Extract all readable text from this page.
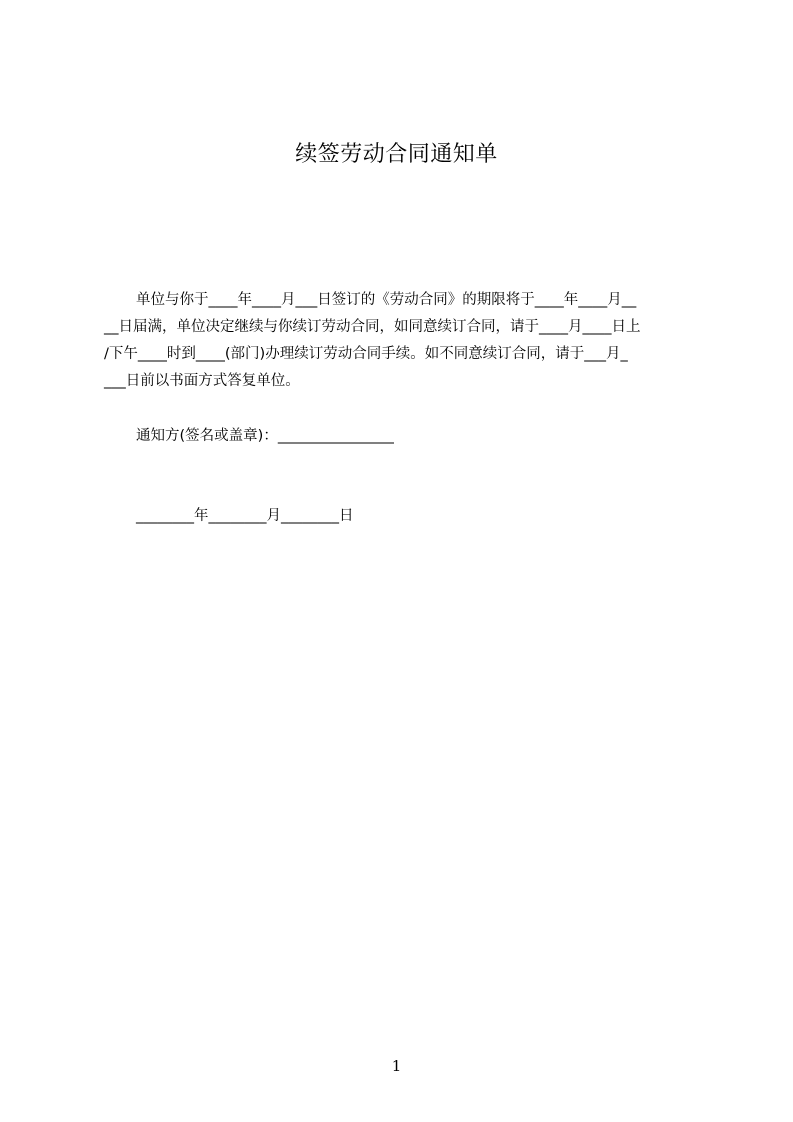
续签劳动合同通知单
单位与你于____年____月___日签订的《劳动合同》的期限将于____年____月__
__日届满，单位决定继续与你续订劳动合同，如同意续订合同，请于____月____日上
/下午____时到____(部门)办理续订劳动合同手续。如不同意续订合同，请于___月_
___日前以书面方式答复单位。
通知方(签名或盖章)：________________
________年________月________日
1
